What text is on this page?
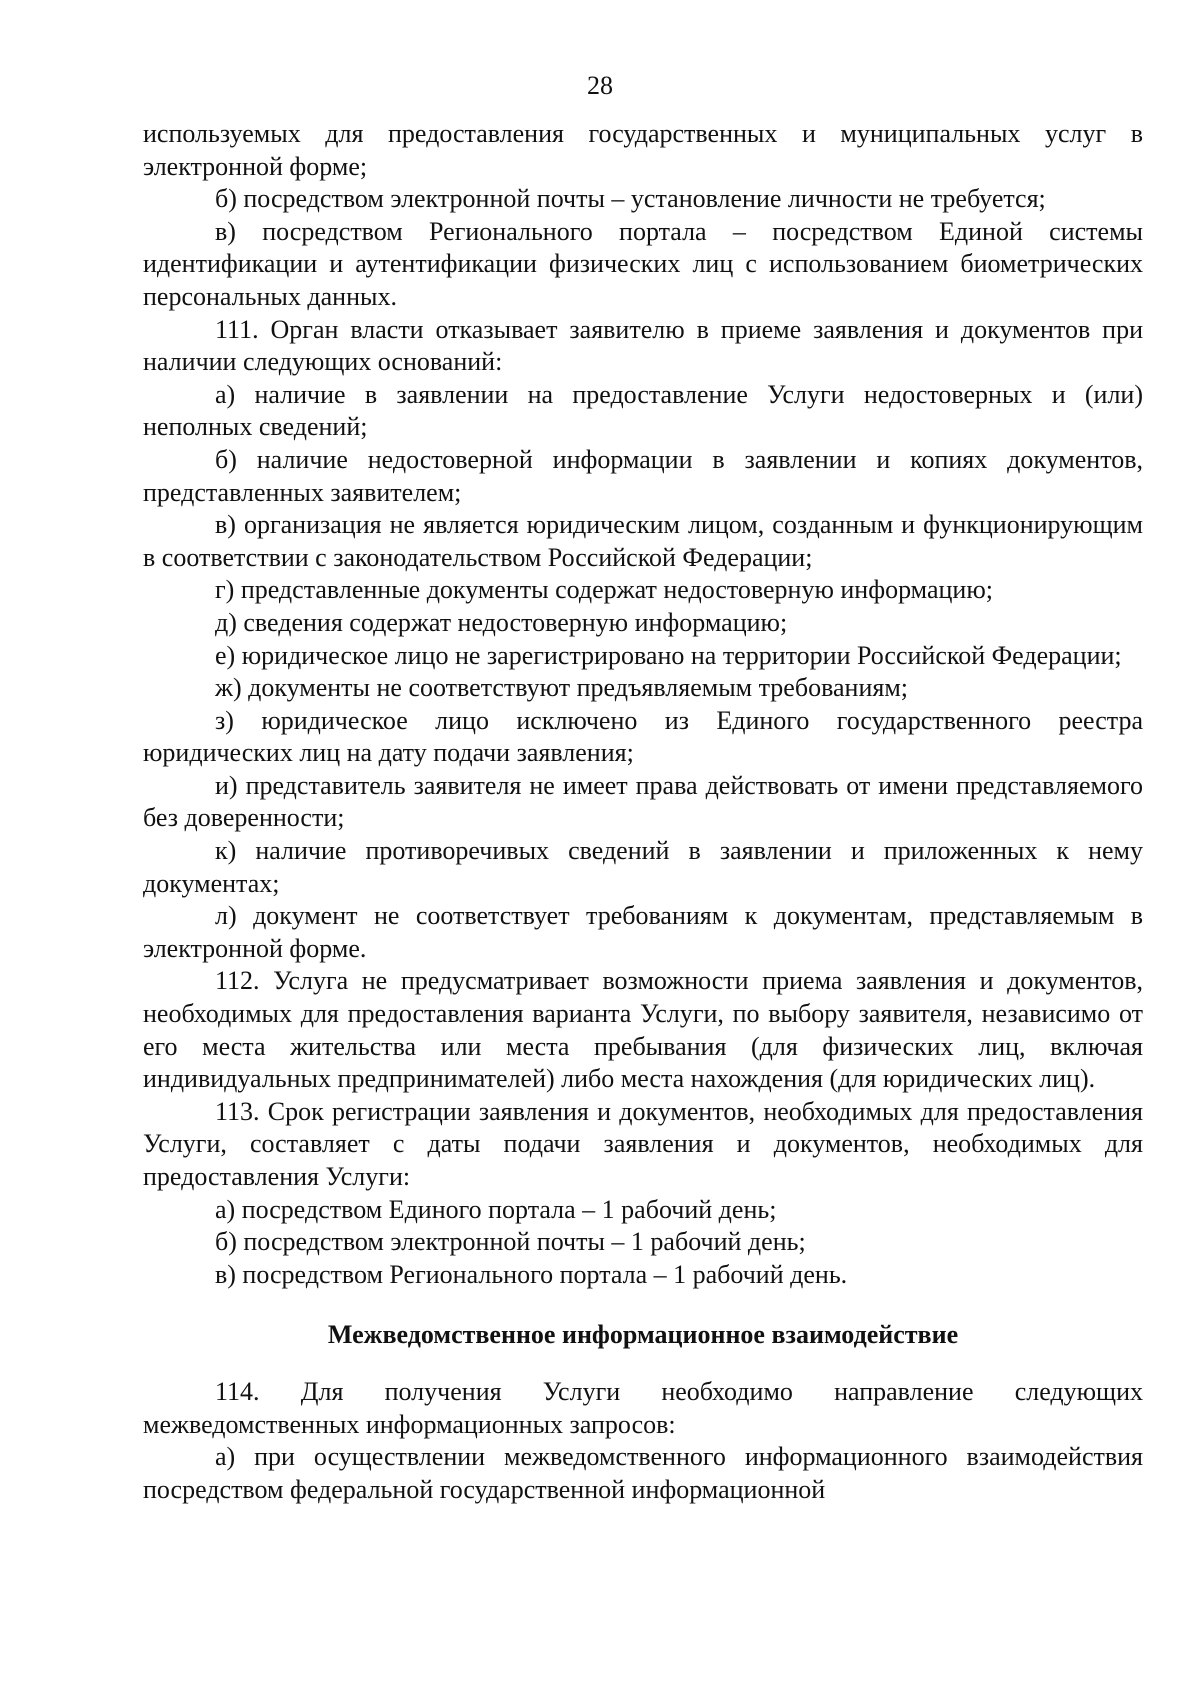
28

используемых для предоставления государственных и муниципальных услуг в электронной форме;

б) посредством электронной почты – установление личности не требуется;

в) посредством Регионального портала – посредством Единой системы идентификации и аутентификации физических лиц с использованием биометрических персональных данных.

111. Орган власти отказывает заявителю в приеме заявления и документов при наличии следующих оснований:

а) наличие в заявлении на предоставление Услуги недостоверных и (или) неполных сведений;

б) наличие недостоверной информации в заявлении и копиях документов, представленных заявителем;

в) организация не является юридическим лицом, созданным и функционирующим в соответствии с законодательством Российской Федерации;

г) представленные документы содержат недостоверную информацию;

д) сведения содержат недостоверную информацию;

е) юридическое лицо не зарегистрировано на территории Российской Федерации;

ж) документы не соответствуют предъявляемым требованиям;

з) юридическое лицо исключено из Единого государственного реестра юридических лиц на дату подачи заявления;

и) представитель заявителя не имеет права действовать от имени представляемого без доверенности;

к) наличие противоречивых сведений в заявлении и приложенных к нему документах;

л) документ не соответствует требованиям к документам, представляемым в электронной форме.

112. Услуга не предусматривает возможности приема заявления и документов, необходимых для предоставления варианта Услуги, по выбору заявителя, независимо от его места жительства или места пребывания (для физических лиц, включая индивидуальных предпринимателей) либо места нахождения (для юридических лиц).

113. Срок регистрации заявления и документов, необходимых для предоставления Услуги, составляет с даты подачи заявления и документов, необходимых для предоставления Услуги:

а) посредством Единого портала – 1 рабочий день;

б) посредством электронной почты – 1 рабочий день;

в) посредством Регионального портала – 1 рабочий день.

Межведомственное информационное взаимодействие

114. Для получения Услуги необходимо направление следующих межведомственных информационных запросов:

а) при осуществлении межведомственного информационного взаимодействия посредством федеральной государственной информационной
